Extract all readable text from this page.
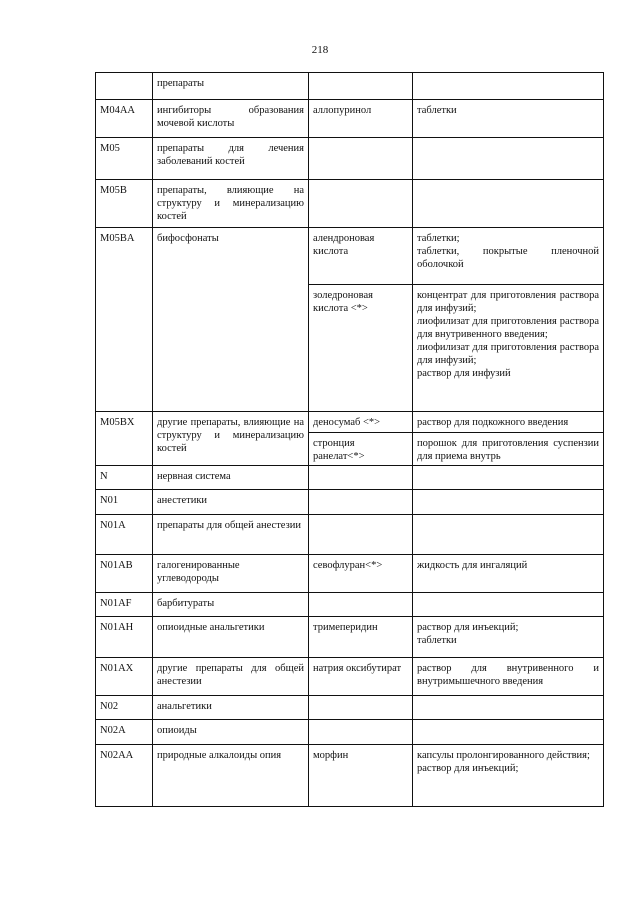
218
	препараты		
M04AA	ингибиторы образования мочевой кислоты	аллопуринол	таблетки
M05	препараты для лечения заболеваний костей		
M05B	препараты, влияющие на структуру и минерализацию костей		
M05BA	бифосфонаты	алендроновая кислота	таблетки;
таблетки, покрытые пленочной оболочкой
		золедроновая кислота <*>	концентрат для приготовления раствора для инфузий;
лиофилизат для приготовления раствора для внутривенного введения;
лиофилизат для приготовления раствора для инфузий;
раствор для инфузий
M05BX	другие препараты, влияющие на структуру и минерализацию костей	деносумаб <*>	раствор для подкожного введения
		стронция ранелат<*>	порошок для приготовления суспензии для приема внутрь
N	нервная система		
N01	анестетики		
N01A	препараты для общей анестезии		
N01AB	галогенированные углеводороды	севофлуран<*>	жидкость для ингаляций
N01AF	барбитураты		
N01AH	опиоидные анальгетики	тримеперидин	раствор для инъекций;
таблетки
N01AX	другие препараты для общей анестезии	натрия оксибутират	раствор для внутривенного и внутримышечного введения
N02	анальгетики		
N02A	опиоиды		
N02AA	природные алкалоиды опия	морфин	капсулы пролонгированного действия;
раствор для инъекций;
